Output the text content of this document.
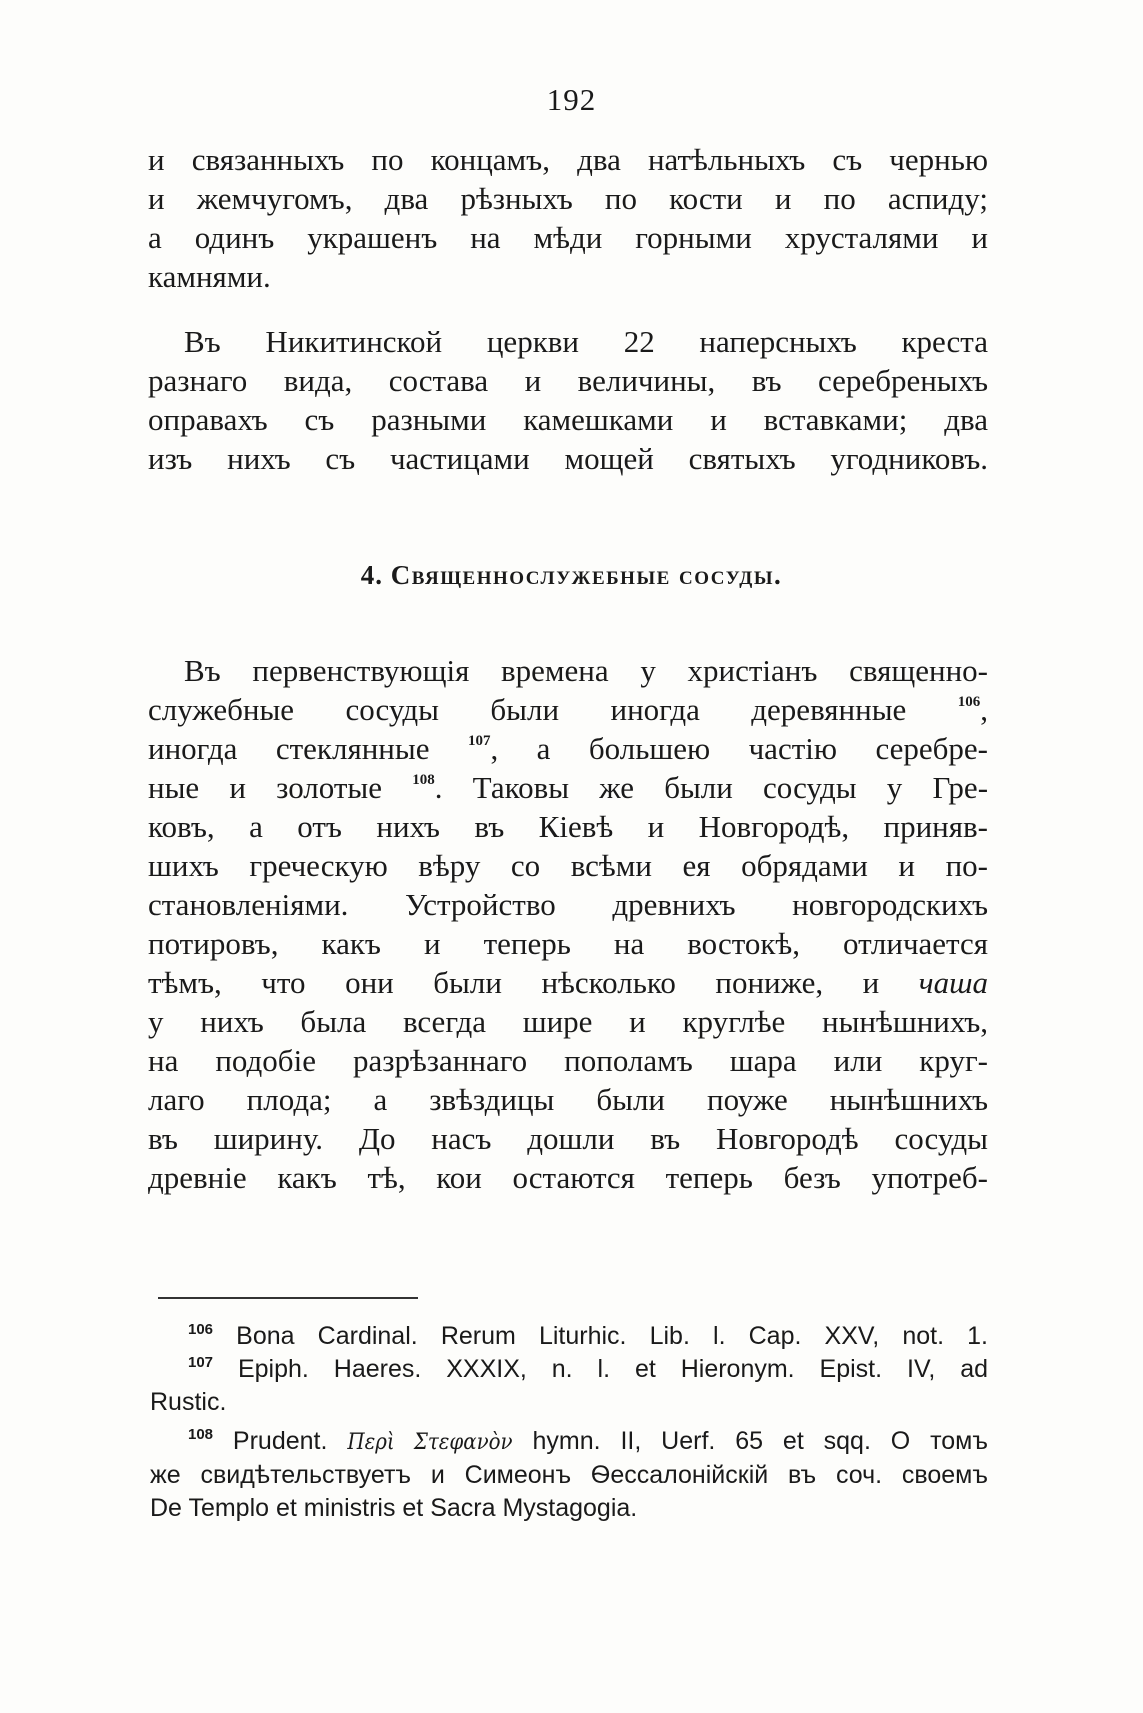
192
и связанныхъ по концамъ, два натѣльныхъ съ чернью
и жемчугомъ, два рѣзныхъ по кости и по аспиду;
а одинъ украшенъ на мѣди горными хрусталями и
камнями.
Въ Никитинской церкви 22 наперсныхъ креста
разнаго вида, состава и величины, въ серебреныхъ
оправахъ съ разными камешками и вставками; два
изъ нихъ съ частицами мощей святыхъ угодниковъ.
4. Священнослужебные сосуды.
Въ первенствующія времена у христіанъ священно-
служебные сосуды были иногда деревянные	$^{106}$,
иногда стеклянные	$^{107}$, а большею частію серебре-
ные и золотые $^{108}$. Таковы же были сосуды у Гре-
ковъ, а отъ нихъ въ Кіевѣ и Новгородѣ, приняв-
шихъ греческую вѣру со всѣми ея обрядами и по-
становленіями. Устройство древнихъ новгородскихъ
потировъ, какъ и теперь на востокѣ, отличается
тѣмъ, что они были нѣсколько пониже, и чаша
у нихъ была всегда шире и круглѣе нынѣшнихъ,
на подобіе разрѣзаннаго пополамъ шара или круг-
лаго плода; а звѣздицы были поуже нынѣшнихъ
въ ширину. До насъ дошли въ Новгородѣ сосуды
древніе какъ тѣ, кои остаются теперь безъ употреб-
$^{106}$ Bona Cardinal. Rerum Liturhic. Lib. l. Cap. XXV, not. 1.
$^{107}$ Epiph. Haeres. XXXIX, n. l. et Hieronym. Epist. IV, ad
Rustic.
$^{108}$ Prudent. Περὶ Στεφανὸν hymn. II, Uerf. 65 et sqq. О томъ
же свидѣтельствуетъ и Симеонъ Ѳессалонійскій въ соч. своемъ
De Templo et ministris et Sacra Mystagogia.
